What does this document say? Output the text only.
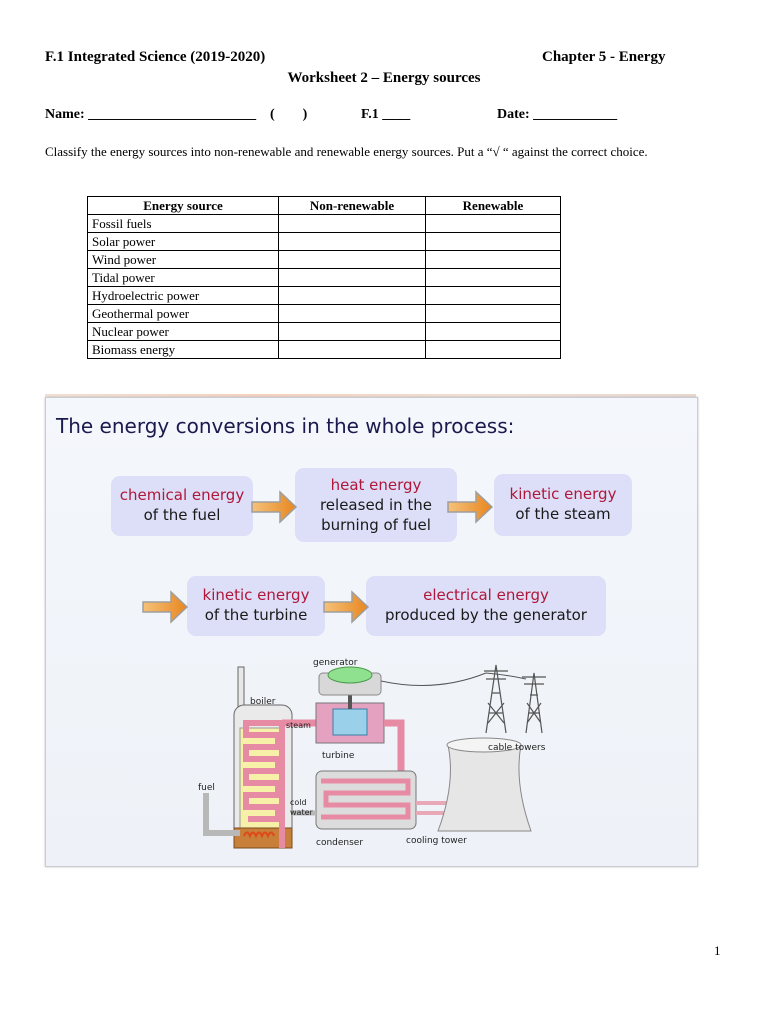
F.1 Integrated Science (2019-2020)	Chapter 5 - Energy
Worksheet 2 – Energy sources
Name: ________________________ (        )	F.1 ____	Date: ____________
Classify the energy sources into non-renewable and renewable energy sources. Put a “√ “ against the correct choice.
Energy source	Non-renewable	Renewable
Fossil fuels		
Solar power		
Wind power		
Tidal power		
Hydroelectric power		
Geothermal power		
Nuclear power		
Biomass energy		
The energy conversions in the whole process:
chemical energy
of the fuel
heat energy
released in the burning of fuel
kinetic energy
of the steam
kinetic energy
of the turbine
electrical energy
produced by the generator
generator
boiler
steam
turbine
fuel
cold
water
condenser	cooling tower
cable towers
1
